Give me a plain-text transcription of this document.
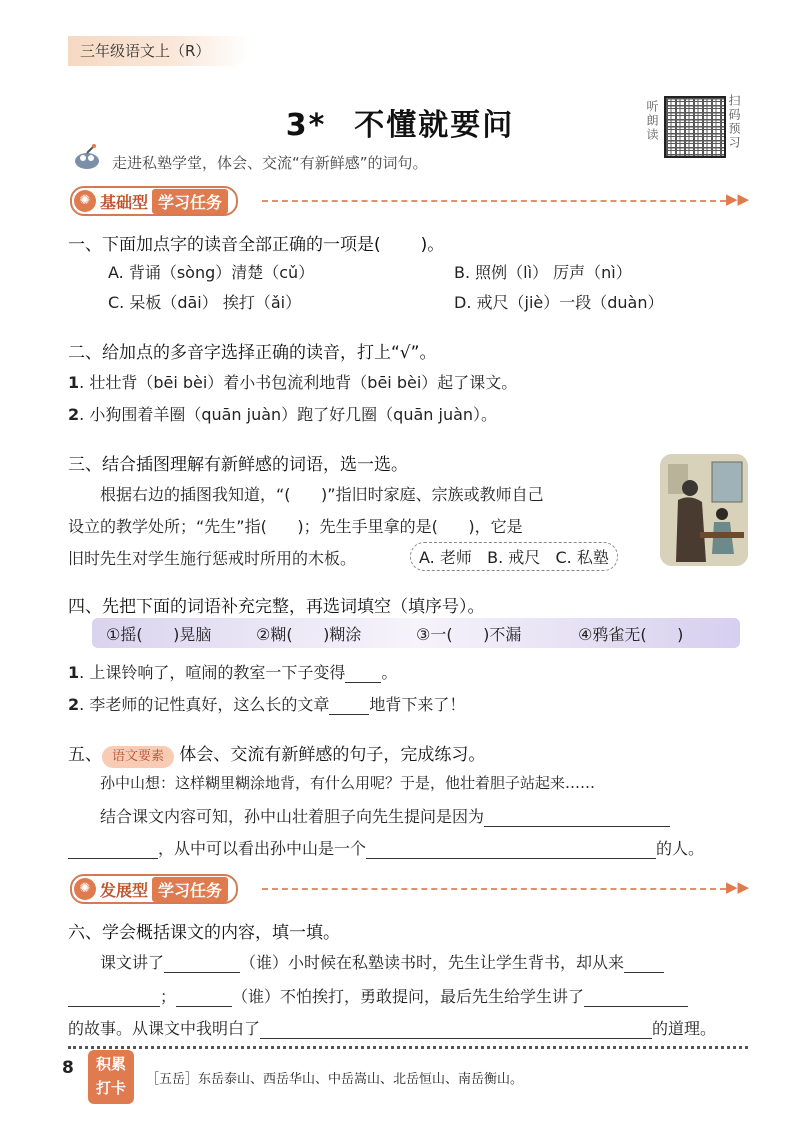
三年级语文上（R）
3* 不懂就要问	听朗读	扫码预习
走进私塾学堂，体会、交流“有新鲜感”的词句。
✺ 基础型 学习任务	▶▶
一、下面加点字的读音全部正确的一项是( )。
A. 背诵（sòng）清楚（cǔ）	B. 照例（lì） 厉声（nì）
C. 呆板（dāi） 挨打（ǎi）	D. 戒尺（jiè）一段（duàn）
二、给加点的多音字选择正确的读音，打上“√”。
1. 壮壮背（bēi bèi）着小书包流利地背（bēi bèi）起了课文。
2. 小狗围着羊圈（quān juàn）跑了好几圈（quān juàn）。
三、结合插图理解有新鲜感的词语，选一选。
根据右边的插图我知道，“(      )”指旧时家庭、宗族或教师自己
设立的教学处所；“先生”指(      )；先生手里拿的是(      )，它是
旧时先生对学生施行惩戒时所用的木板。	A. 老师   B. 戒尺   C. 私塾
四、先把下面的词语补充完整，再选词填空（填序号）。
①摇(      )晃脑	②糊(      )糊涂	③一(      )不漏	④鸦雀无(      )
1. 上课铃响了，喧闹的教室一下子变得 。
2. 李老师的记性真好，这么长的文章	地背下来了！
五、 语文要素 体会、交流有新鲜感的句子，完成练习。
孙中山想：这样糊里糊涂地背，有什么用呢？于是，他壮着胆子站起来……
结合课文内容可知，孙中山壮着胆子向先生提问是因为
，从中可以看出孙中山是一个	的人。
✺ 发展型 学习任务	▶▶
六、学会概括课文的内容，填一填。
课文讲了	（谁）小时候在私塾读书时，先生让学生背书，却从来
；	（谁）不怕挨打，勇敢提问，最后先生给学生讲了
的故事。从课文中我明白了	的道理。
8	积累
打卡	［五岳］东岳泰山、西岳华山、中岳嵩山、北岳恒山、南岳衡山。
